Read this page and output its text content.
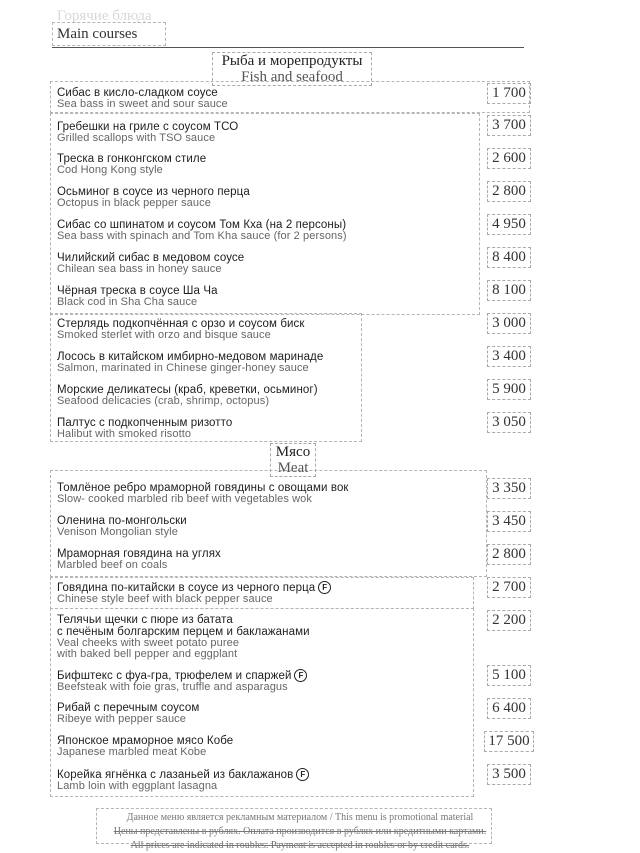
Горячие блюда
Main courses
Рыба и морепродукты
Fish and seafood
Сибас в кисло-сладком соусе
Sea bass in sweet and sour sauce
1 700
Гребешки на гриле с соусом ТСО
Grilled scallops with TSO sauce
3 700
Треска в гонконгском стиле
Cod Hong Kong style
2 600
Осьминог в соусе из черного перца
Octopus in black pepper sauce
2 800
Сибас со шпинатом и соусом Том Кха (на 2 персоны)
Sea bass with spinach and Tom Kha sauce (for 2 persons)
4 950
Чилийский сибас в медовом соусе
Chilean sea bass in honey sauce
8 400
Чёрная треска в соусе Ша Ча
Black cod in Sha Cha sauce
8 100
Стерлядь подкопчённая с орзо и соусом биск
Smoked sterlet with orzo and bisque sauce
3 000
Лосось в китайском имбирно-медовом маринаде
Salmon, marinated in Chinese ginger-honey sauce
3 400
Морские деликатесы (краб, креветки, осьминог)
Seafood delicacies (crab, shrimp, octopus)
5 900
Палтус с подкопченным ризотто
Halibut with smoked risotto
3 050
Мясо
Meat
Томлёное ребро мраморной говядины с овощами вок
Slow- cooked marbled rib beef with vegetables wok
3 350
Оленина по-монгольски
Venison Mongolian style
3 450
Мраморная говядина на углях
Marbled beef on coals
2 800
Говядина по-китайски в соусе из черного перца F
Chinese style beef with black pepper sauce
2 700
Телячьи щечки с пюре из батата
с печёным болгарским перцем и баклажанами
Veal cheeks with sweet potato puree
with baked bell pepper and eggplant
2 200
Бифштекс с фуа-гра, трюфелем и спаржей F
Beefsteak with foie gras, truffle and asparagus
5 100
Рибай с перечным соусом
Ribeye with pepper sauce
6 400
Японское мраморное мясо Кобе
Japanese marbled meat Kobe
17 500
Корейка ягнёнка с лазаньей из баклажанов F
Lamb loin with eggplant lasagna
3 500
Данное меню является рекламным материалом / This menu is promotional material
Цены представлены в рублях. Оплата производится в рублях или кредитными картами.
All prices are indicated in roubles. Payment is accepted in roubles or by credit cards.
